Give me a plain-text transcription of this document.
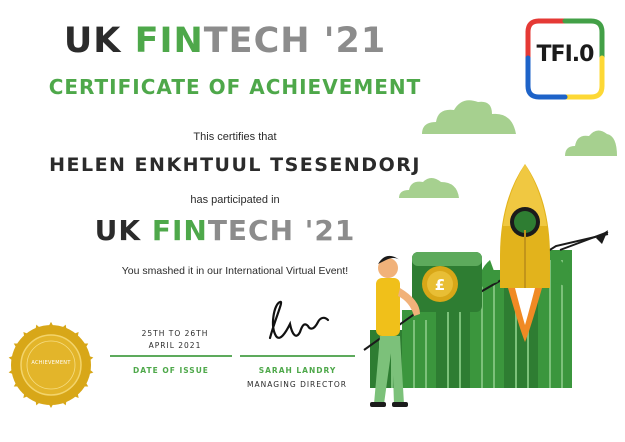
UK FINTECH '21
CERTIFICATE OF ACHIEVEMENT
This certifies that
HELEN ENKHTUUL TSESENDORJ
has participated in
UK FINTECH '21
You smashed it in our International Virtual Event!
25TH TO 26TH
APRIL 2021
DATE OF ISSUE	SARAH LANDRY
MANAGING DIRECTOR
ACHIEVEMENT
TFI.0
£
